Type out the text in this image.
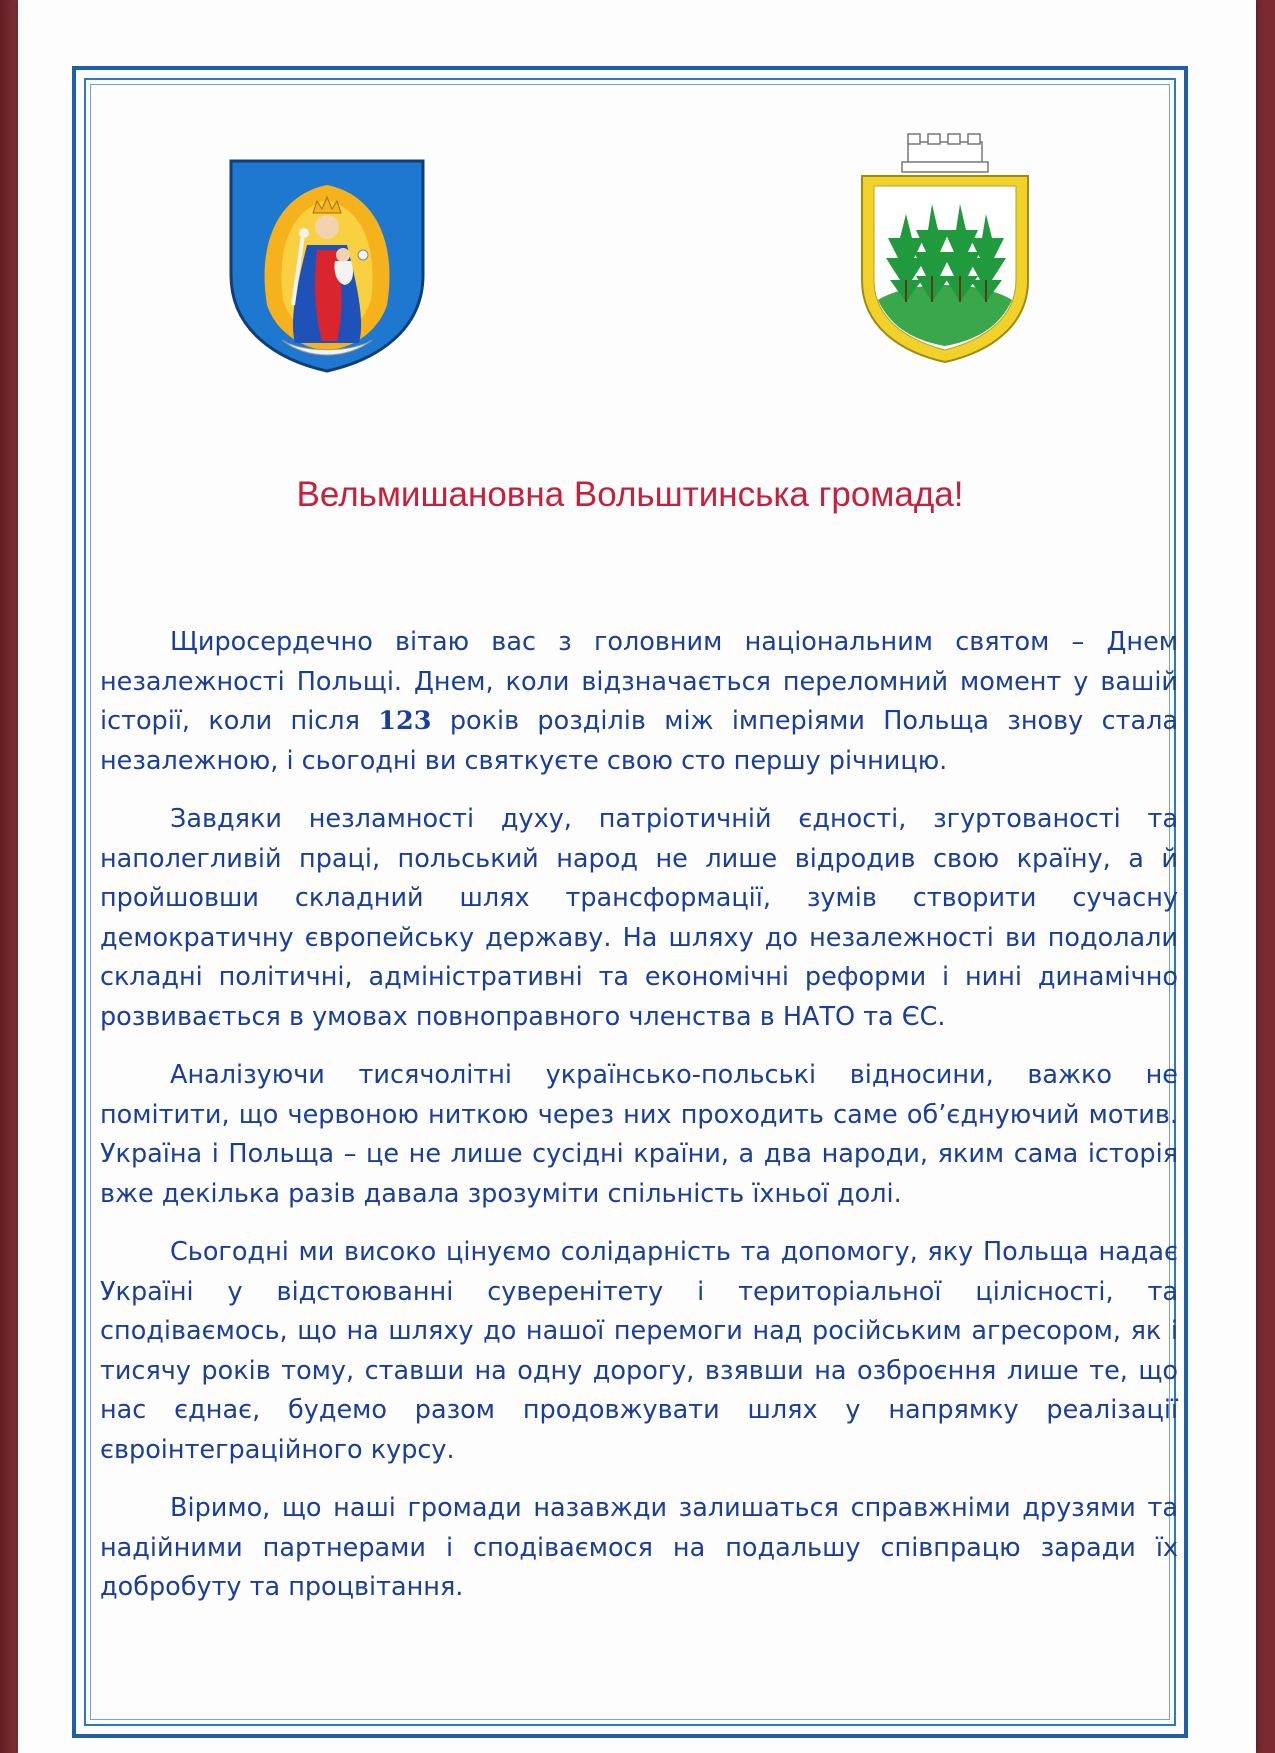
Вельмишановна Вольштинська громада!

Щиросердечно вітаю вас з головним національним святом – Днем незалежності Польщі. Днем, коли відзначається переломний момент у вашій історії, коли після 123 років розділів між імперіями Польща знову стала незалежною, і сьогодні ви святкуєте свою сто першу річницю.

Завдяки незламності духу, патріотичній єдності, згуртованості та наполегливій праці, польський народ не лише відродив свою країну, а й пройшовши складний шлях трансформації, зумів створити сучасну демократичну європейську державу. На шляху до незалежності ви подолали складні політичні, адміністративні та економічні реформи і нині динамічно розвивається в умовах повноправного членства в НАТО та ЄС.

Аналізуючи тисячолітні українсько-польські відносини, важко не помітити, що червоною ниткою через них проходить саме об’єднуючий мотив. Україна і Польща – це не лише сусідні країни, а два народи, яким сама історія вже декілька разів давала зрозуміти спільність їхньої долі.

Сьогодні ми високо цінуємо солідарність та допомогу, яку Польща надає Україні у відстоюванні суверенітету і територіальної цілісності, та сподіваємось, що на шляху до нашої перемоги над російським агресором, як і тисячу років тому, ставши на одну дорогу, взявши на озброєння лише те, що нас єднає, будемо разом продовжувати шлях у напрямку реалізації євроінтеграційного курсу.

Віримо, що наші громади назавжди залишаться справжніми друзями та надійними партнерами і сподіваємося на подальшу співпрацю заради їх добробуту та процвітання.
